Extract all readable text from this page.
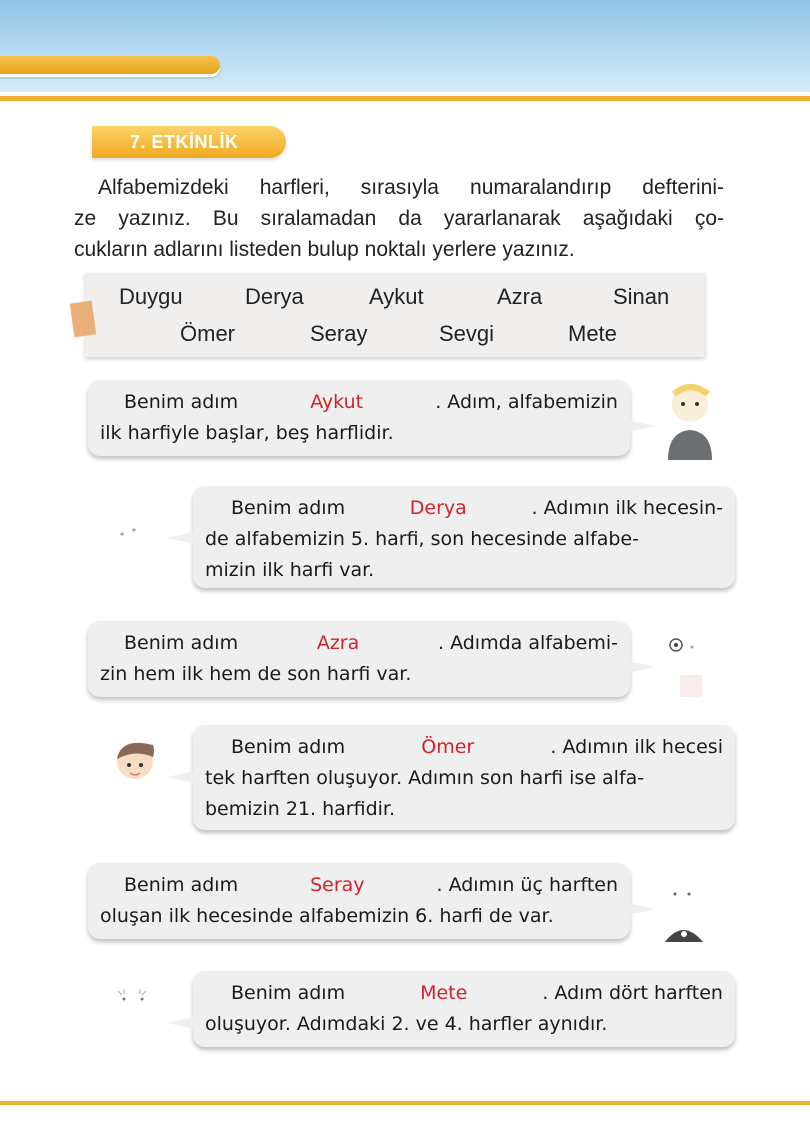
7. ETKİNLİK
Alfabemizdeki harfleri, sırasıyla numaralandırıp defterini-
ze yazınız. Bu sıralamadan da yararlanarak aşağıdaki ço-
cukların adlarını listeden bulup noktalı yerlere yazınız.
Duygu	Derya	Aykut	Azra	Sinan
Ömer	Seray	Sevgi	Mete
Benim adım	Aykut	. Adım, alfabemizin
ilk harfiyle başlar, beş harflidir.
Benim adım	Derya	. Adımın ilk hecesin-
de alfabemizin 5. harfi, son hecesinde alfabe-
mizin ilk harfi var.
Benim adım	Azra	. Adımda alfabemi-
zin hem ilk hem de son harfi var.
Benim adım	Ömer	. Adımın ilk hecesi
tek harften oluşuyor. Adımın son harfi ise alfa-
bemizin 21. harfidir.
Benim adım	Seray	. Adımın üç harften
oluşan ilk hecesinde alfabemizin 6. harfi de var.
Benim adım	Mete	. Adım dört harften
oluşuyor. Adımdaki 2. ve 4. harfler aynıdır.
